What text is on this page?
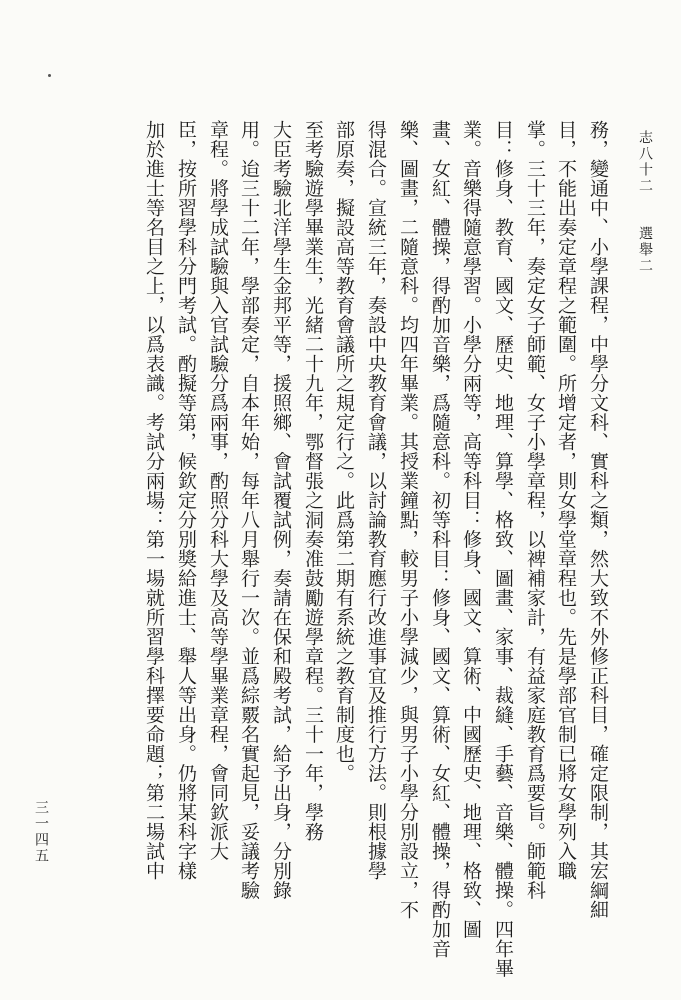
志八十二　　選舉二
務，變通中、小學課程，中學分文科、實科之類，然大致不外修正科目，確定限制，其宏綱細
目，不能出奏定章程之範圍。所增定者，則女學堂章程也。先是學部官制已將女學列入職
掌。三十三年，奏定女子師範、女子小學章程，以裨補家計，有益家庭教育爲要旨。師範科
目：修身、教育、國文、歷史、地理、算學、格致、圖畫、家事、裁縫、手藝、音樂、體操。四年畢
業。音樂得隨意學習。小學分兩等，高等科目：修身、國文、算術、中國歷史、地理、格致、圖
畫、女紅、體操，得酌加音樂，爲隨意科。初等科目：修身、國文、算術、女紅、體操，得酌加音
樂、圖畫，二隨意科。均四年畢業。其授業鐘點，較男子小學減少，與男子小學分別設立，不
得混合。宣統三年，奏設中央教育會議，以討論教育應行改進事宜及推行方法。則根據學
部原奏，擬設高等教育會議所之規定行之。此爲第二期有系統之教育制度也。
至考驗遊學畢業生，光緒二十九年，鄂督張之洞奏准鼓勵遊學章程。三十一年，學務
大臣考驗北洋學生金邦平等，援照鄉、會試覆試例，奏請在保和殿考試，給予出身，分別錄
用。迨三十二年，學部奏定，自本年始，每年八月舉行一次。並爲綜覈名實起見，妥議考驗
章程。將學成試驗與入官試驗分爲兩事，酌照分科大學及高等學畢業章程，會同欽派大
臣，按所習學科分門考試。酌擬等第，候欽定分別獎給進士、舉人等出身。仍將某科字樣
加於進士等名目之上，以爲表識。考試分兩場：第一場就所習學科擇要命題；第二場試中
三一四五
